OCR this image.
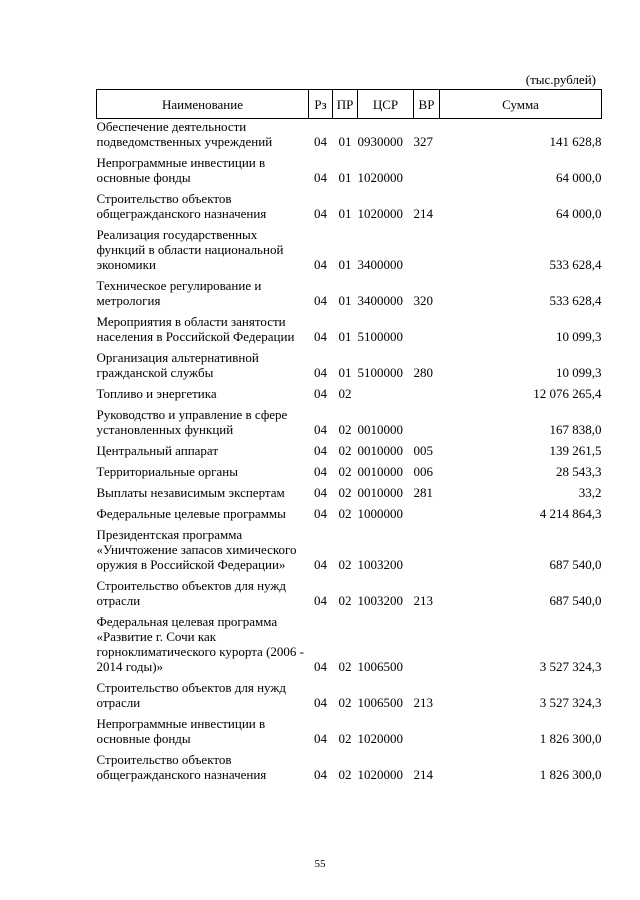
(тыс.рублей)
Наименование	Рз	ПР	ЦСР	ВР	Сумма
Обеспечение деятельности подведомственных учреждений	04	01	0930000	327	141 628,8
Непрограммные инвестиции в основные фонды	04	01	1020000		64 000,0
Строительство объектов общегражданского назначения	04	01	1020000	214	64 000,0
Реализация государственных функций в области национальной экономики	04	01	3400000		533 628,4
Техническое регулирование и метрология	04	01	3400000	320	533 628,4
Мероприятия в области занятости населения в Российской Федерации	04	01	5100000		10 099,3
Организация альтернативной гражданской службы	04	01	5100000	280	10 099,3
Топливо и энергетика	04	02			12 076 265,4
Руководство и управление в сфере установленных функций	04	02	0010000		167 838,0
Центральный аппарат	04	02	0010000	005	139 261,5
Территориальные органы	04	02	0010000	006	28 543,3
Выплаты независимым экспертам	04	02	0010000	281	33,2
Федеральные целевые программы	04	02	1000000		4 214 864,3
Президентская программа «Уничтожение запасов химического оружия в Российской Федерации»	04	02	1003200		687 540,0
Строительство объектов для нужд отрасли	04	02	1003200	213	687 540,0
Федеральная целевая программа «Развитие г. Сочи как горноклиматического курорта (2006 - 2014 годы)»	04	02	1006500		3 527 324,3
Строительство объектов для нужд отрасли	04	02	1006500	213	3 527 324,3
Непрограммные инвестиции в основные фонды	04	02	1020000		1 826 300,0
Строительство объектов общегражданского назначения	04	02	1020000	214	1 826 300,0
55
